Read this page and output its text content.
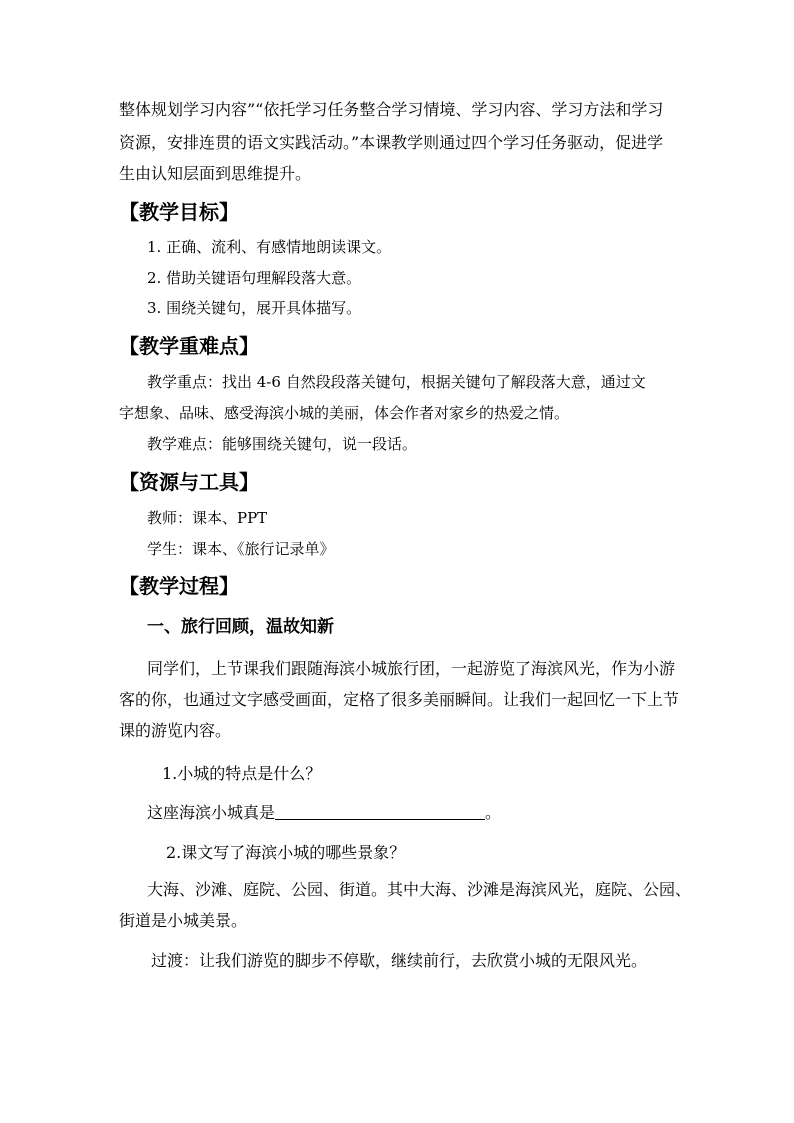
整体规划学习内容”“依托学习任务整合学习情境、学习内容、学习方法和学习
资源，安排连贯的语文实践活动。”本课教学则通过四个学习任务驱动，促进学
生由认知层面到思维提升。
【教学目标】
1. 正确、流利、有感情地朗读课文。
2. 借助关键语句理解段落大意。
3. 围绕关键句，展开具体描写。
【教学重难点】
教学重点：找出 4-6 自然段段落关键句，根据关键句了解段落大意，通过文
字想象、品味、感受海滨小城的美丽，体会作者对家乡的热爱之情。
教学难点：能够围绕关键句，说一段话。
【资源与工具】
教师：课本、PPT
学生：课本、《旅行记录单》
【教学过程】
一、旅行回顾，温故知新
同学们，上节课我们跟随海滨小城旅行团，一起游览了海滨风光，作为小游
客的你，也通过文字感受画面，定格了很多美丽瞬间。让我们一起回忆一下上节
课的游览内容。
1.小城的特点是什么？
这座海滨小城真是	。
2.课文写了海滨小城的哪些景象？
大海、沙滩、庭院、公园、街道。其中大海、沙滩是海滨风光，庭院、公园、
街道是小城美景。
过渡：让我们游览的脚步不停歇，继续前行，去欣赏小城的无限风光。
